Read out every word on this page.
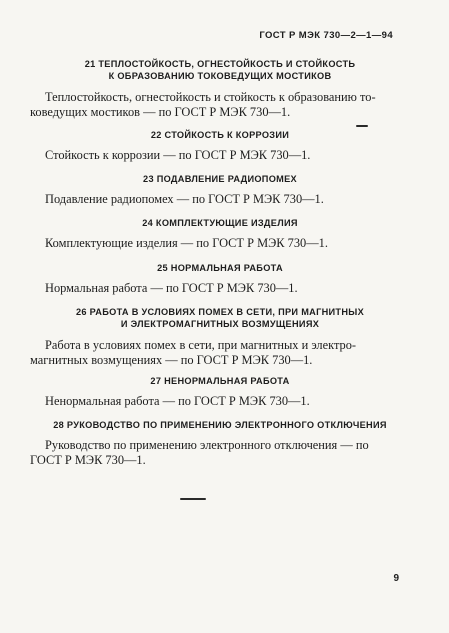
ГОСТ Р МЭК 730—2—1—94
21 ТЕПЛОСТОЙКОСТЬ, ОГНЕСТОЙКОСТЬ И СТОЙКОСТЬ
К ОБРАЗОВАНИЮ ТОКОВЕДУЩИХ МОСТИКОВ
Теплостойкость, огнестойкость и стойкость к образованию то-
коведущих мостиков — по ГОСТ Р МЭК 730—1.
22 СТОЙКОСТЬ К КОРРОЗИИ
Стойкость к коррозии — по ГОСТ Р МЭК 730—1.
23 ПОДАВЛЕНИЕ РАДИОПОМЕХ
Подавление радиопомех — по ГОСТ Р МЭК 730—1.
24 КОМПЛЕКТУЮЩИЕ ИЗДЕЛИЯ
Комплектующие изделия — по ГОСТ Р МЭК 730—1.
25 НОРМАЛЬНАЯ РАБОТА
Нормальная работа — по ГОСТ Р МЭК 730—1.
26 РАБОТА В УСЛОВИЯХ ПОМЕХ В СЕТИ, ПРИ МАГНИТНЫХ
И ЭЛЕКТРОМАГНИТНЫХ ВОЗМУЩЕНИЯХ
Работа в условиях помех в сети, при магнитных и электро-
магнитных возмущениях — по ГОСТ Р МЭК 730—1.
27 НЕНОРМАЛЬНАЯ РАБОТА
Ненормальная работа — по ГОСТ Р МЭК 730—1.
28 РУКОВОДСТВО ПО ПРИМЕНЕНИЮ ЭЛЕКТРОННОГО ОТКЛЮЧЕНИЯ
Руководство по применению электронного отключения — по
ГОСТ Р МЭК 730—1.
9
